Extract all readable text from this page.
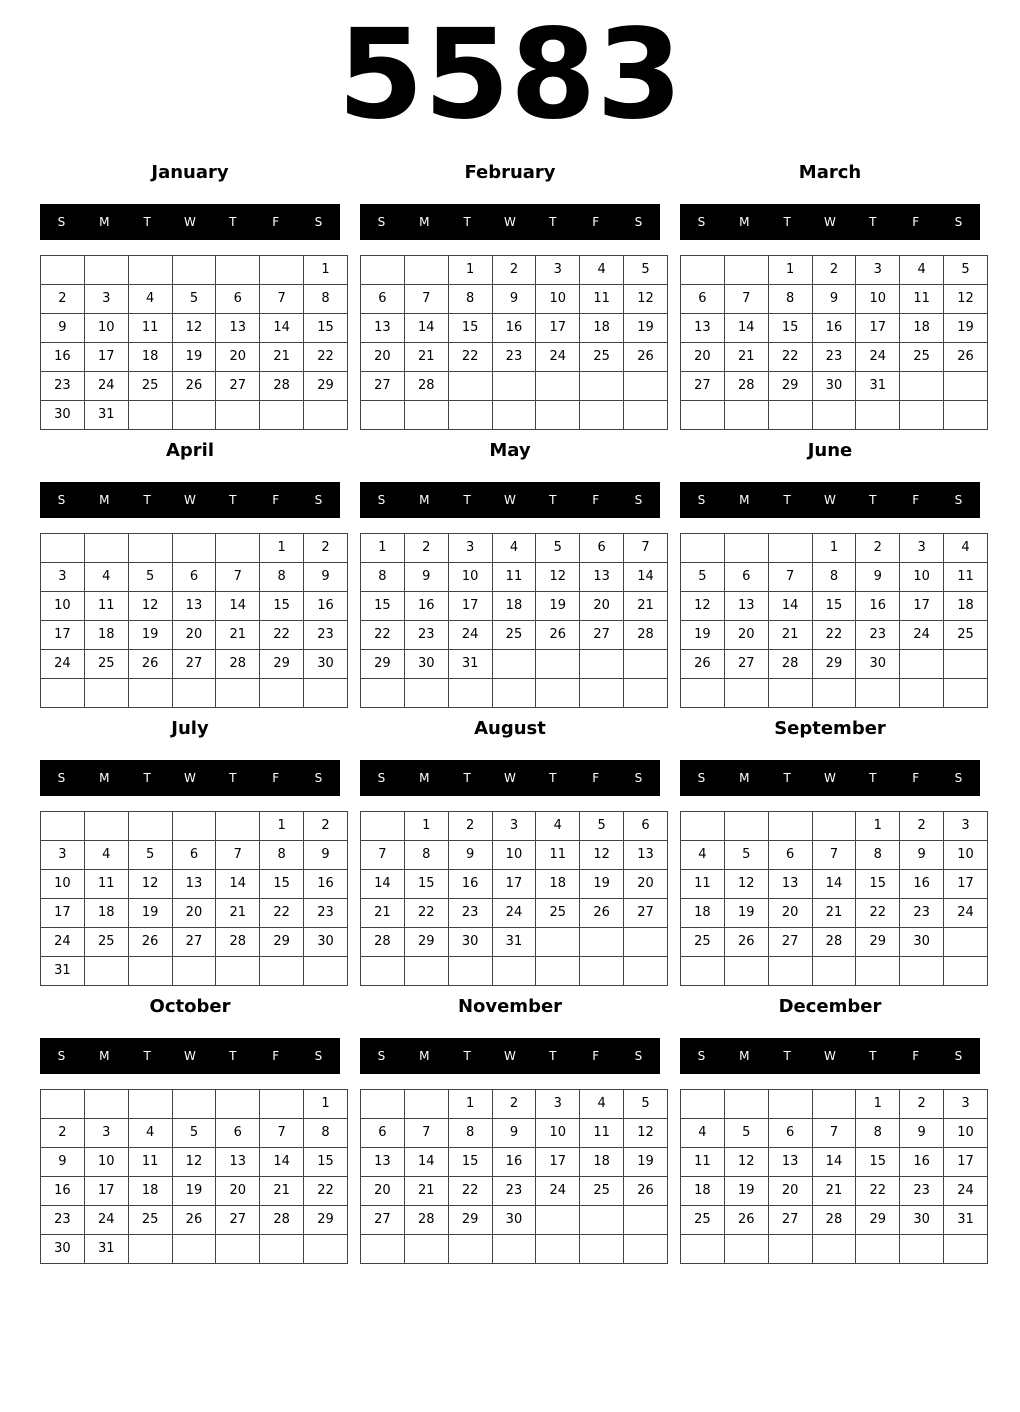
5583
January
S	M	T	W	T	F	S
						1
2	3	4	5	6	7	8
9	10	11	12	13	14	15
16	17	18	19	20	21	22
23	24	25	26	27	28	29
30	31					
February
S	M	T	W	T	F	S
		1	2	3	4	5
6	7	8	9	10	11	12
13	14	15	16	17	18	19
20	21	22	23	24	25	26
27	28					

March
S	M	T	W	T	F	S
		1	2	3	4	5
6	7	8	9	10	11	12
13	14	15	16	17	18	19
20	21	22	23	24	25	26
27	28	29	30	31		

April
S	M	T	W	T	F	S
					1	2
3	4	5	6	7	8	9
10	11	12	13	14	15	16
17	18	19	20	21	22	23
24	25	26	27	28	29	30

May
S	M	T	W	T	F	S
1	2	3	4	5	6	7
8	9	10	11	12	13	14
15	16	17	18	19	20	21
22	23	24	25	26	27	28
29	30	31				

June
S	M	T	W	T	F	S
			1	2	3	4
5	6	7	8	9	10	11
12	13	14	15	16	17	18
19	20	21	22	23	24	25
26	27	28	29	30		

July
S	M	T	W	T	F	S
					1	2
3	4	5	6	7	8	9
10	11	12	13	14	15	16
17	18	19	20	21	22	23
24	25	26	27	28	29	30
31						
August
S	M	T	W	T	F	S
	1	2	3	4	5	6
7	8	9	10	11	12	13
14	15	16	17	18	19	20
21	22	23	24	25	26	27
28	29	30	31			

September
S	M	T	W	T	F	S
				1	2	3
4	5	6	7	8	9	10
11	12	13	14	15	16	17
18	19	20	21	22	23	24
25	26	27	28	29	30	

October
S	M	T	W	T	F	S
						1
2	3	4	5	6	7	8
9	10	11	12	13	14	15
16	17	18	19	20	21	22
23	24	25	26	27	28	29
30	31					
November
S	M	T	W	T	F	S
		1	2	3	4	5
6	7	8	9	10	11	12
13	14	15	16	17	18	19
20	21	22	23	24	25	26
27	28	29	30			

December
S	M	T	W	T	F	S
				1	2	3
4	5	6	7	8	9	10
11	12	13	14	15	16	17
18	19	20	21	22	23	24
25	26	27	28	29	30	31
